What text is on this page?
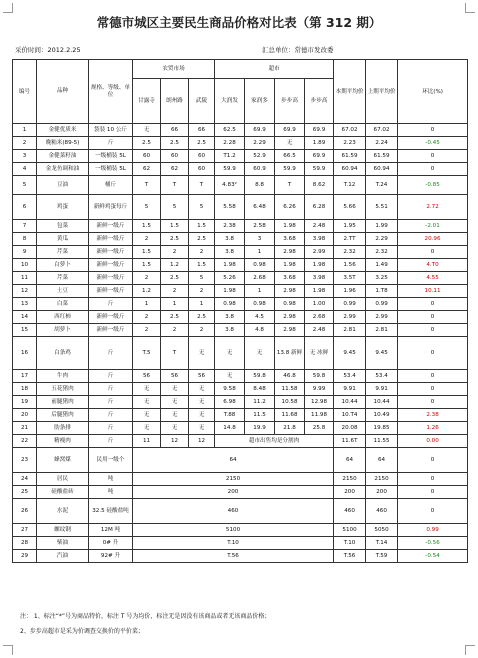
常德市城区主要民生商品价格对比表（第 312 期）
采价时间：2012.2.25	汇总单位：常德市发改委
编号	品种	规格、等级、单位	农贸市场			超市				本期平均价	上期平均价	环比(%)
			甘露寺	朗州路	武陵	大润发	家润多	步步高	步步高			
1	金健优质米	袋装 10 公斤	无	66	66	62.5	69.9	69.9	69.9	67.02	67.02	0
2	晚籼米(89-5)	斤	2.5	2.5	2.5	2.28	2.29	无	1.89	2.23	2.24	-0.45
3	金健菜籽油	一级桶装 5L	60	60	60	T1.2	52.9	66.5	69.9	61.59	61.59	0
4	金龙鱼调和油	一级桶装 5L	62	62	60	59.9	60.9	59.9	59.9	60.94	60.94	0
5	豆油	桶斤	T	T	T	4.83²	8.8	T	8.62	T.12	T.24	-0.85
6	鸡蛋	新鲜鸡蛋每斤	5	5	5	5.58	6.48	6.26	6.28	5.66	5.51	2.72
7	包菜	新鲜一级斤	1.5	1.5	1.5	2.38	2.58	1.98	2.48	1.95	1.99	-2.01
8	黄瓜	新鲜一级斤	2	2.5	2.5	3.8	3	3.68	3.98	2.TT	2.29	20.96
9	芹菜	新鲜一级斤	1.5	2	2	3.8	1	2.98	2.99	2.32	2.32	0
10	白萝卜	新鲜一级斤	1.5	1.2	1.5	1.98	0.98	1.98	1.98	1.56	1.49	4.T0
11	芹菜	新鲜一级斤	2	2.5	5	5.26	2.68	3.68	3.98	3.5T	3.25	4.55
12	土豆	新鲜一级斤	1.2	2	2	1.98	1	2.98	1.98	1.96	1.T8	10.11
13	白菜	斤	1	1	1	0.98	0.98	0.98	1.00	0.99	0.99	0
14	西红柿	新鲜一级斤	2	2.5	2.5	3.8	4.5	2.98	2.68	2.99	2.99	0
15	胡萝卜	新鲜一级斤	2	2	2	3.8	4.8	2.98	2.48	2.81	2.81	0
16	白条鸡	斤	T.5	T	无	无	无	13.8 新鲜	无 冰鲜	9.45	9.45	0
17	牛肉	斤	56	56	56	无	59.8	46.8	59.8	53.4	53.4	0
18	五花猪肉	斤	无	无	无	9.58	8.48	11.58	9.99	9.91	9.91	0
19	前腿猪肉	斤	无	无	无	6.98	11.2	10.58	12.98	10.44	10.44	0
20	后腿猪肉	斤	无	无	无	T.88	11.5	11.68	11.98	10.T4	10.49	2.38
21	肋条排	斤	无	无	无	14.8	19.9	21.8	25.8	20.08	19.85	1.26
22	精瘦肉	斤	11	12	12	超市出售均是分割肉				11.6T	11.55	0.00
23	蜂窝煤	民用一级个	64							64	64	0
24	居民	吨	2150							2150	2150	0
25	硅酸盐砖	吨	200							200	200	0
26	水泥	32.5 硅酸盐吨	460							460	460	0
27	螺纹钢	12M 吨	5100							5100	5050	0.99
28	柴油	0# 升	T.10							T.10	T.14	-0.56
29	汽油	92# 升	T.56							T.56	T.59	-0.54
注： 1、标注“*”号为商品特价，标注 T 号为均价，标注无是因没有该商品或者无该商品价格；
2、步步高超市是采为价调查交换价的平价菜；
